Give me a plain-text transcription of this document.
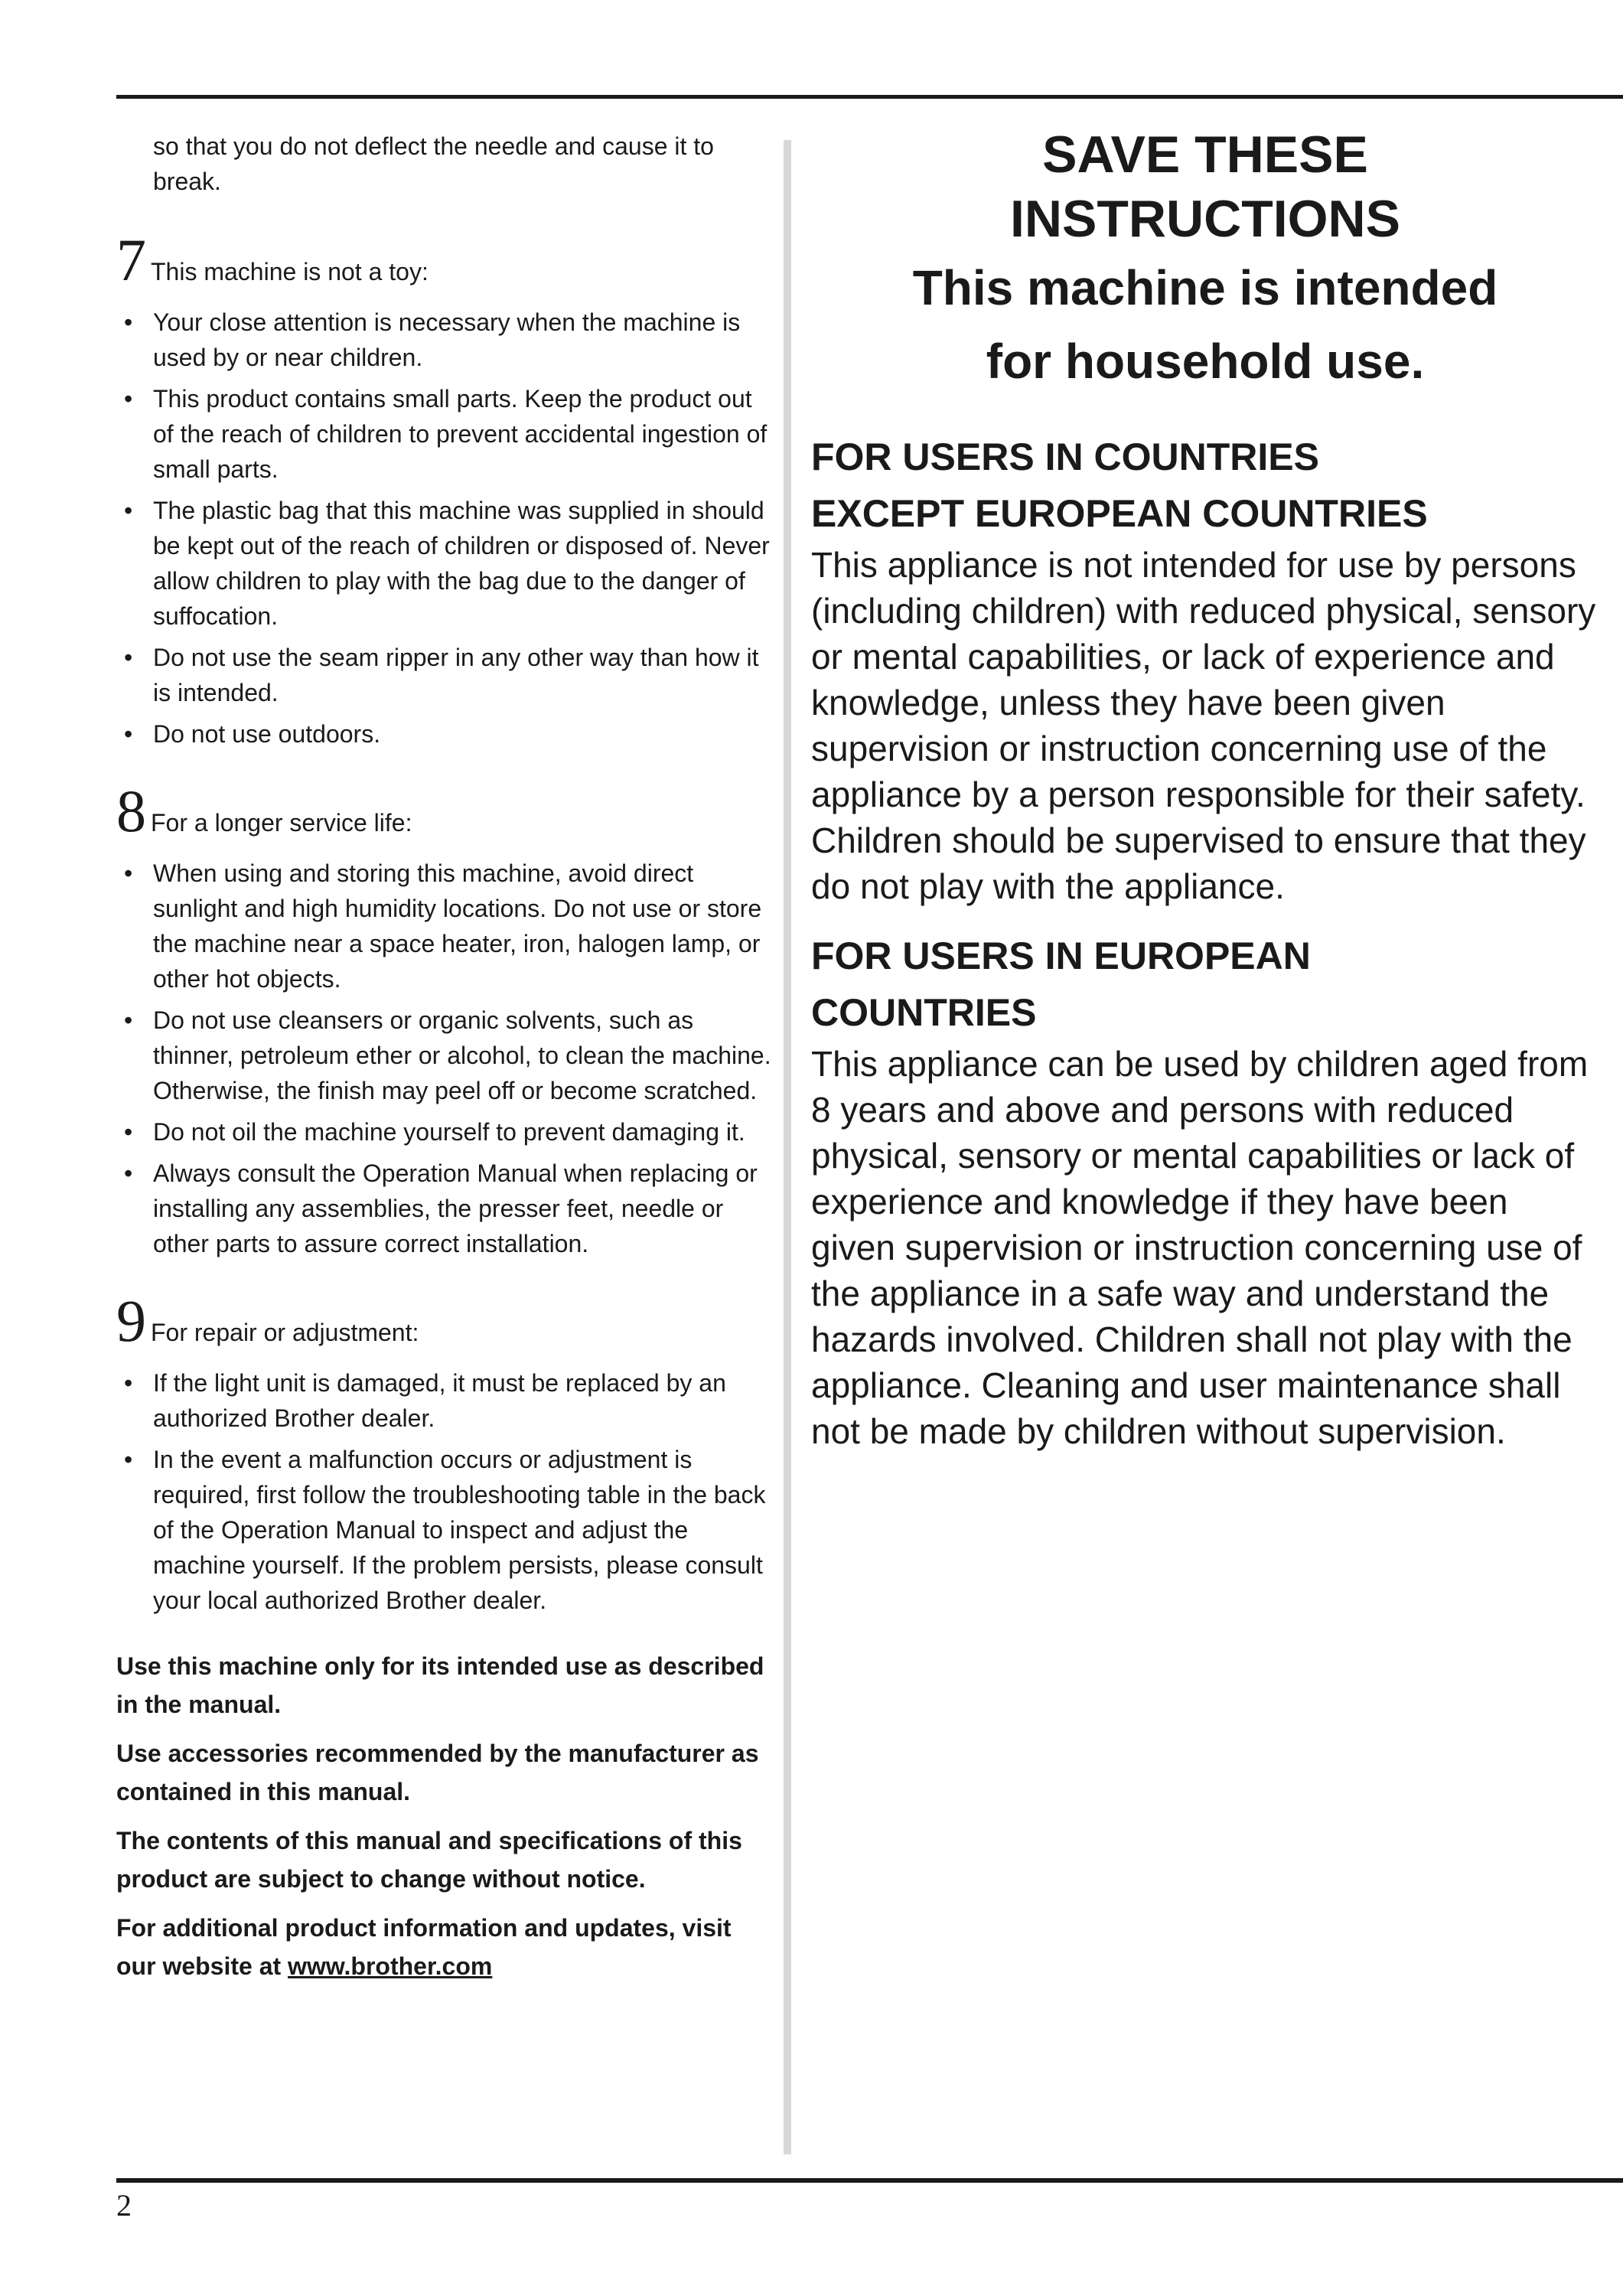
so that you do not deflect the needle and cause it to break.

7 This machine is not a toy:
• Your close attention is necessary when the machine is used by or near children.
• This product contains small parts. Keep the product out of the reach of children to prevent accidental ingestion of small parts.
• The plastic bag that this machine was supplied in should be kept out of the reach of children or disposed of. Never allow children to play with the bag due to the danger of suffocation.
• Do not use the seam ripper in any other way than how it is intended.
• Do not use outdoors.
8 For a longer service life:
• When using and storing this machine, avoid direct sunlight and high humidity locations. Do not use or store the machine near a space heater, iron, halogen lamp, or other hot objects.
• Do not use cleansers or organic solvents, such as thinner, petroleum ether or alcohol, to clean the machine. Otherwise, the finish may peel off or become scratched.
• Do not oil the machine yourself to prevent damaging it.
• Always consult the Operation Manual when replacing or installing any assemblies, the presser feet, needle or other parts to assure correct installation.
9 For repair or adjustment:
• If the light unit is damaged, it must be replaced by an authorized Brother dealer.
• In the event a malfunction occurs or adjustment is required, first follow the troubleshooting table in the back of the Operation Manual to inspect and adjust the machine yourself. If the problem persists, please consult your local authorized Brother dealer.

Use this machine only for its intended use as described in the manual.

Use accessories recommended by the manufacturer as contained in this manual.

The contents of this manual and specifications of this product are subject to change without notice.

For additional product information and updates, visit our website at www.brother.com

SAVE THESE
INSTRUCTIONS
This machine is intended
for household use.
FOR USERS IN COUNTRIES
EXCEPT EUROPEAN COUNTRIES

This appliance is not intended for use by persons (including children) with reduced physical, sensory or mental capabilities, or lack of experience and knowledge, unless they have been given supervision or instruction concerning use of the appliance by a person responsible for their safety. Children should be supervised to ensure that they do not play with the appliance.

FOR USERS IN EUROPEAN
COUNTRIES

This appliance can be used by children aged from 8 years and above and persons with reduced physical, sensory or mental capabilities or lack of experience and knowledge if they have been given supervision or instruction concerning use of the appliance in a safe way and understand the hazards involved. Children shall not play with the appliance. Cleaning and user maintenance shall not be made by children without supervision.

2
